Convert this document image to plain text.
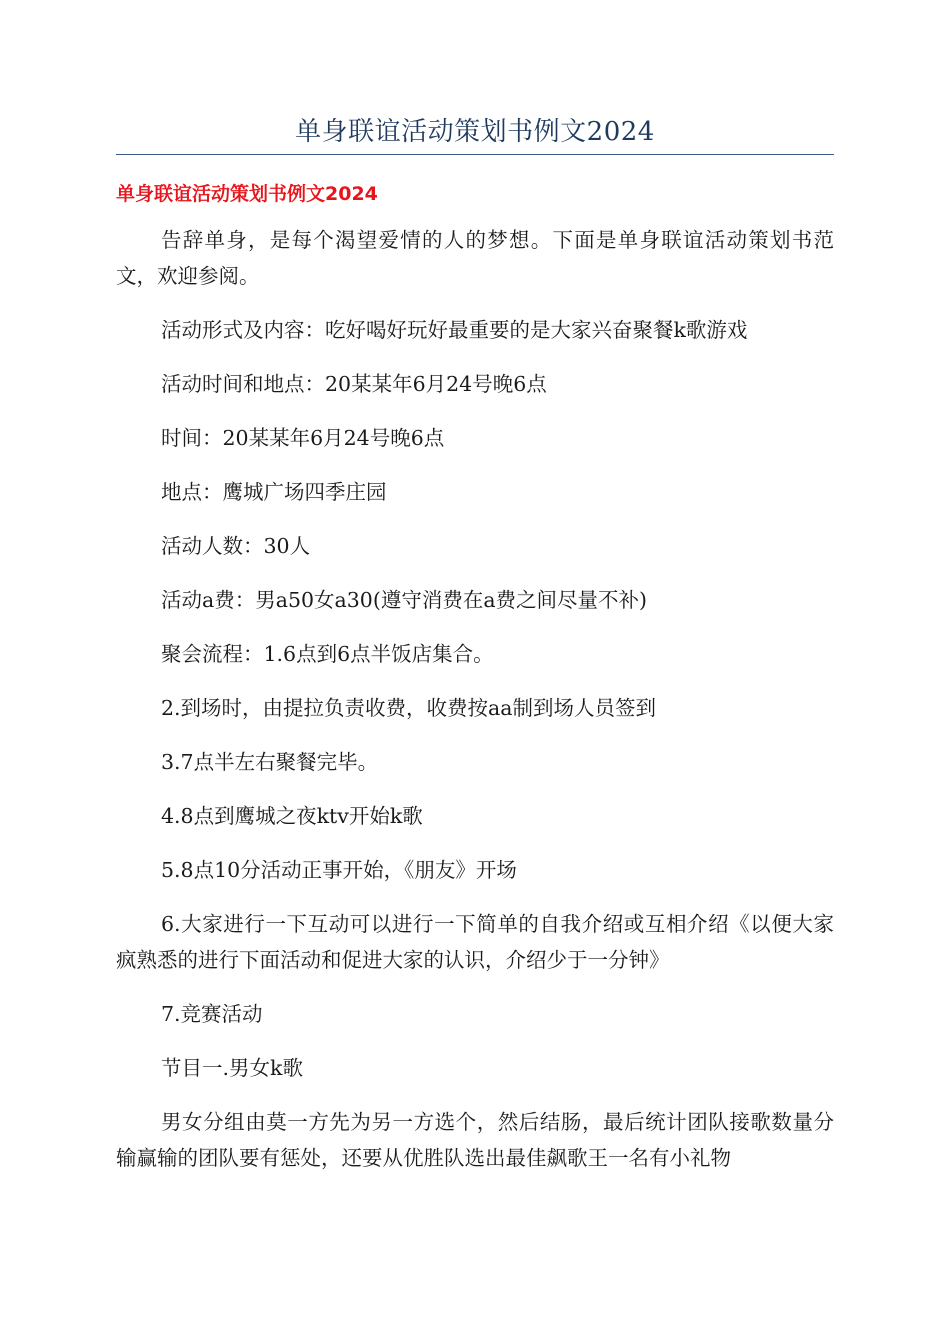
单身联谊活动策划书例文2024
单身联谊活动策划书例文2024

告辞单身，是每个渴望爱情的人的梦想。下面是单身联谊活动策划书范文，欢迎参阅。

活动形式及内容：吃好喝好玩好最重要的是大家兴奋聚餐k歌游戏

活动时间和地点：20某某年6月24号晚6点

时间：20某某年6月24号晚6点

地点：鹰城广场四季庄园

活动人数：30人

活动a费：男a50女a30(遵守消费在a费之间尽量不补)

聚会流程：1.6点到6点半饭店集合。

2.到场时，由提拉负责收费，收费按aa制到场人员签到

3.7点半左右聚餐完毕。

4.8点到鹰城之夜ktv开始k歌

5.8点10分活动正事开始，《朋友》开场

6.大家进行一下互动可以进行一下简单的自我介绍或互相介绍《以便大家疯熟悉的进行下面活动和促进大家的认识，介绍少于一分钟》

7.竞赛活动

节目一.男女k歌

男女分组由莫一方先为另一方选个，然后结肠，最后统计团队接歌数量分输赢输的团队要有惩处，还要从优胜队选出最佳飙歌王一名有小礼物
